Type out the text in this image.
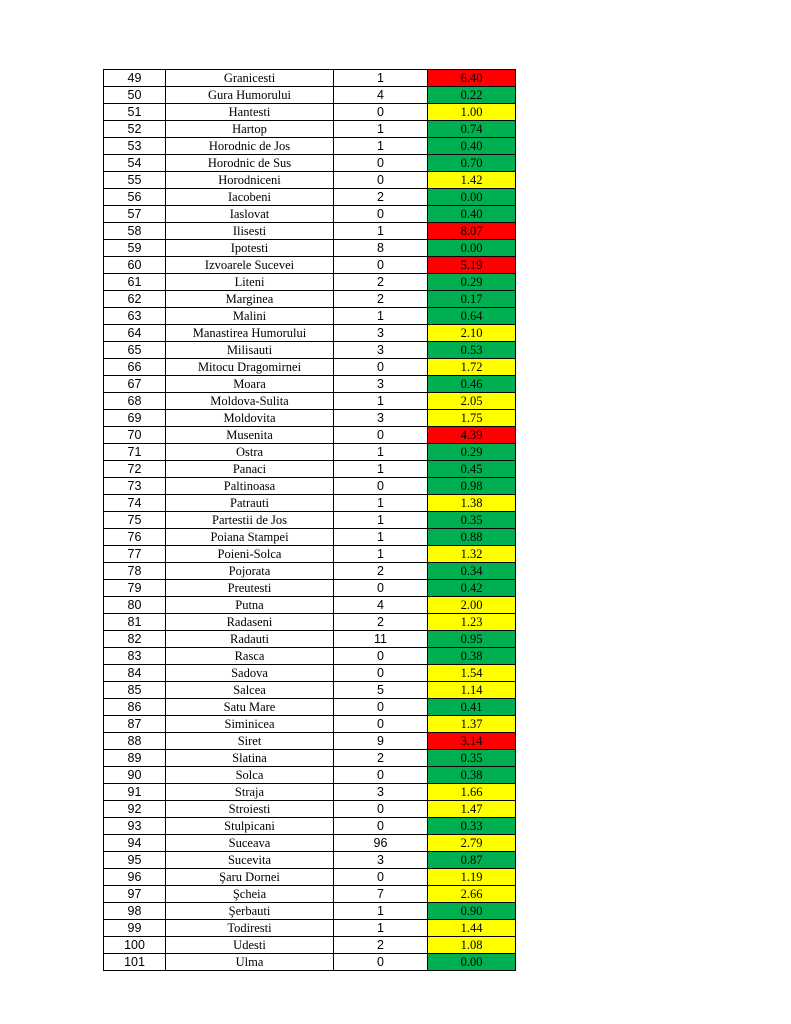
49	Granicesti	1	6.40
50	Gura Humorului	4	0.22
51	Hantesti	0	1.00
52	Hartop	1	0.74
53	Horodnic de Jos	1	0.40
54	Horodnic de Sus	0	0.70
55	Horodniceni	0	1.42
56	Iacobeni	2	0.00
57	Iaslovat	0	0.40
58	Ilisesti	1	8.07
59	Ipotesti	8	0.00
60	Izvoarele Sucevei	0	5.19
61	Liteni	2	0.29
62	Marginea	2	0.17
63	Malini	1	0.64
64	Manastirea Humorului	3	2.10
65	Milisauti	3	0.53
66	Mitocu Dragomirnei	0	1.72
67	Moara	3	0.46
68	Moldova-Sulita	1	2.05
69	Moldovita	3	1.75
70	Musenita	0	4.39
71	Ostra	1	0.29
72	Panaci	1	0.45
73	Paltinoasa	0	0.98
74	Patrauti	1	1.38
75	Partestii de Jos	1	0.35
76	Poiana Stampei	1	0.88
77	Poieni-Solca	1	1.32
78	Pojorata	2	0.34
79	Preutesti	0	0.42
80	Putna	4	2.00
81	Radaseni	2	1.23
82	Radauti	11	0.95
83	Rasca	0	0.38
84	Sadova	0	1.54
85	Salcea	5	1.14
86	Satu Mare	0	0.41
87	Siminicea	0	1.37
88	Siret	9	3.14
89	Slatina	2	0.35
90	Solca	0	0.38
91	Straja	3	1.66
92	Stroiesti	0	1.47
93	Stulpicani	0	0.33
94	Suceava	96	2.79
95	Sucevita	3	0.87
96	Şaru Dornei	0	1.19
97	Şcheia	7	2.66
98	Şerbauti	1	0.90
99	Todiresti	1	1.44
100	Udesti	2	1.08
101	Ulma	0	0.00
